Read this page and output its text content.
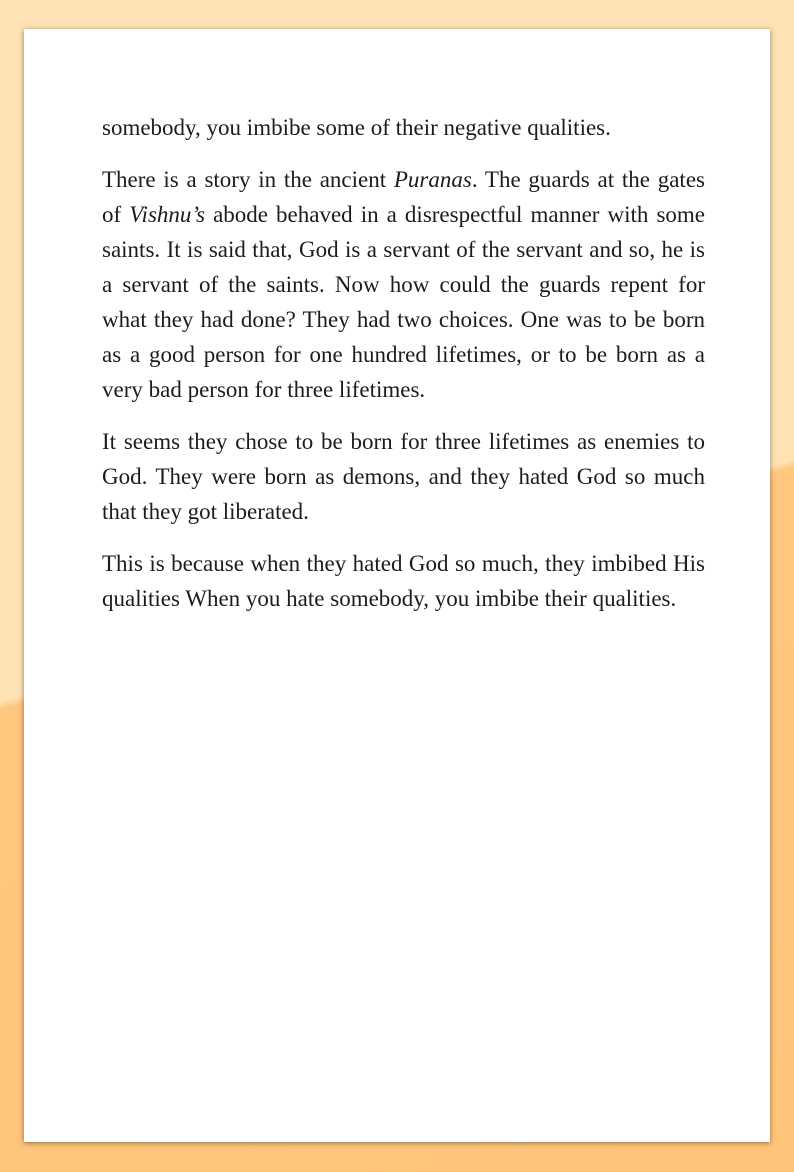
somebody, you imbibe some of their negative qualities.

There is a story in the ancient Puranas. The guards at the gates of Vishnu’s abode behaved in a disrespectful manner with some saints. It is said that, God is a servant of the servant and so, he is a servant of the saints. Now how could the guards repent for what they had done? They had two choices. One was to be born as a good person for one hundred lifetimes, or to be born as a very bad person for three lifetimes.

It seems they chose to be born for three lifetimes as enemies to God. They were born as demons, and they hated God so much that they got liberated.

This is because when they hated God so much, they imbibed His qualities When you hate somebody, you imbibe their qualities.
